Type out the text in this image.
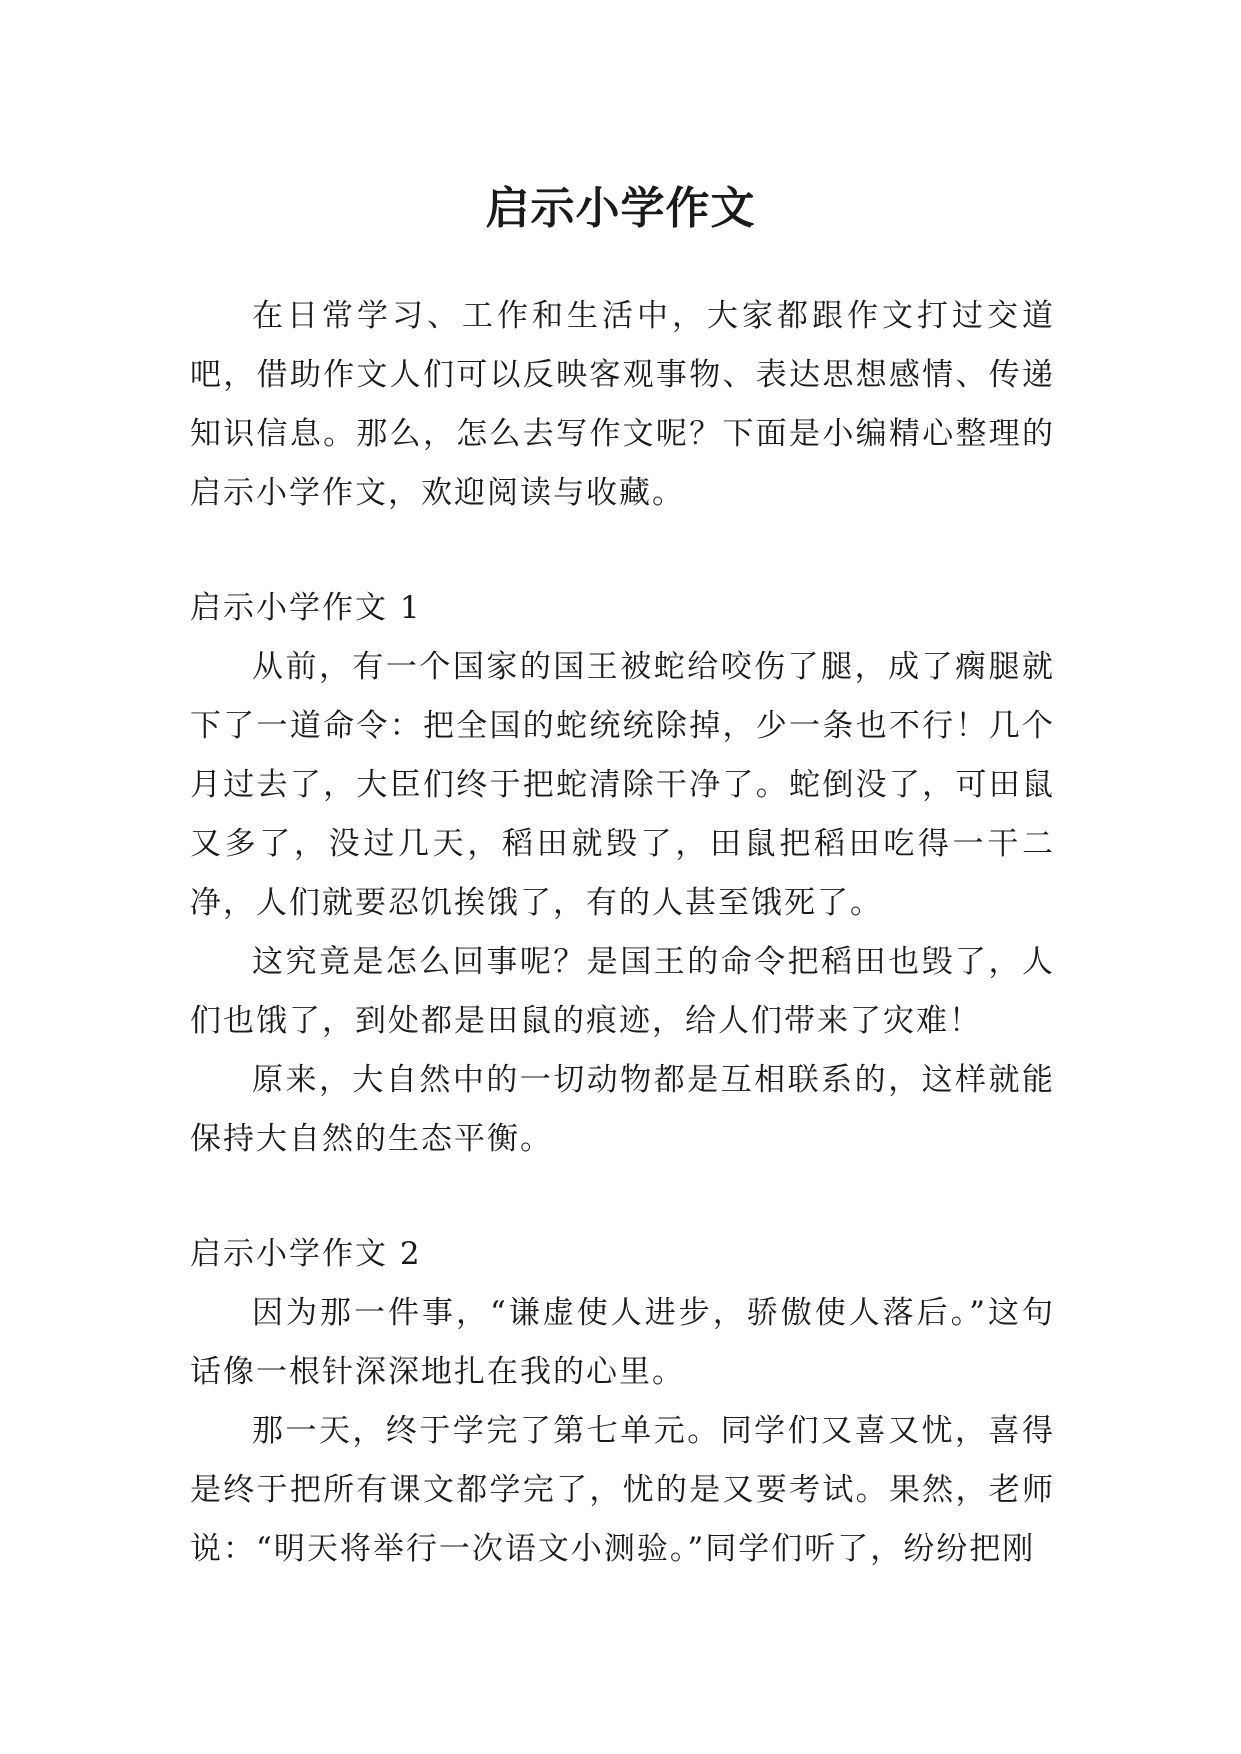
启示小学作文

在日常学习、工作和生活中，大家都跟作文打过交道吧，借助作文人们可以反映客观事物、表达思想感情、传递知识信息。那么，怎么去写作文呢？下面是小编精心整理的启示小学作文，欢迎阅读与收藏。

启示小学作文 1

从前，有一个国家的国王被蛇给咬伤了腿，成了瘸腿就下了一道命令：把全国的蛇统统除掉，少一条也不行！几个月过去了，大臣们终于把蛇清除干净了。蛇倒没了，可田鼠又多了，没过几天，稻田就毁了，田鼠把稻田吃得一干二净，人们就要忍饥挨饿了，有的人甚至饿死了。

这究竟是怎么回事呢？是国王的命令把稻田也毁了，人们也饿了，到处都是田鼠的痕迹，给人们带来了灾难！

原来，大自然中的一切动物都是互相联系的，这样就能保持大自然的生态平衡。

启示小学作文 2

因为那一件事，“谦虚使人进步，骄傲使人落后。”这句话像一根针深深地扎在我的心里。

那一天，终于学完了第七单元。同学们又喜又忧，喜得是终于把所有课文都学完了，忧的是又要考试。果然，老师说：“明天将举行一次语文小测验。”同学们听了，纷纷把刚
